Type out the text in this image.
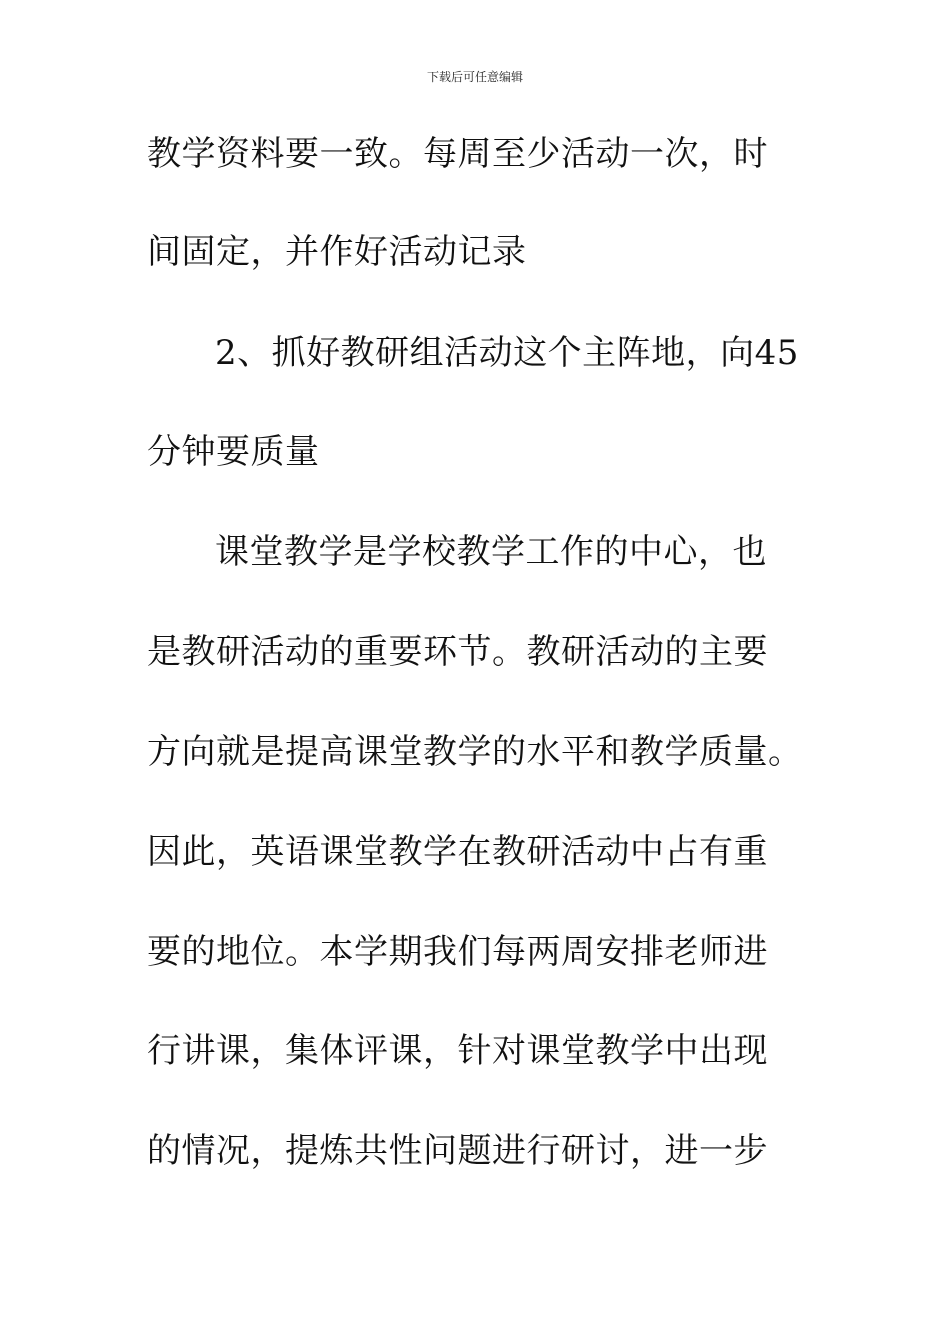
下载后可任意编辑
教学资料要一致。每周至少活动一次，时
间固定，并作好活动记录
2、抓好教研组活动这个主阵地，向45
分钟要质量
课堂教学是学校教学工作的中心，也
是教研活动的重要环节。教研活动的主要
方向就是提高课堂教学的水平和教学质量。
因此，英语课堂教学在教研活动中占有重
要的地位。本学期我们每两周安排老师进
行讲课，集体评课，针对课堂教学中出现
的情况，提炼共性问题进行研讨，进一步
